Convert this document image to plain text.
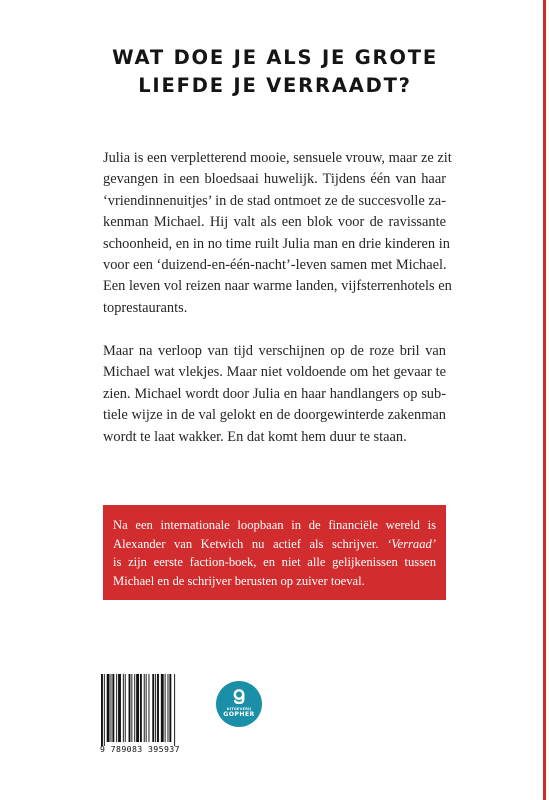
WAT DOE JE ALS JE GROTE
LIEFDE JE VERRAADT?
Julia is een verpletterend mooie, sensuele vrouw, maar ze zit
gevangen in een bloedsaai huwelijk. Tijdens één van haar
‘vriendinnenuitjes’ in de stad ontmoet ze de succesvolle za-
kenman Michael. Hij valt als een blok voor de ravissante
schoonheid, en in no time ruilt Julia man en drie kinderen in
voor een ‘duizend-en-één-nacht’-leven samen met Michael.
Een leven vol reizen naar warme landen, vijfsterrenhotels en
toprestaurants.
Maar na verloop van tijd verschijnen op de roze bril van
Michael wat vlekjes. Maar niet voldoende om het gevaar te
zien. Michael wordt door Julia en haar handlangers op sub-
tiele wijze in de val gelokt en de doorgewinterde zakenman
wordt te laat wakker. En dat komt hem duur te staan.
Na een internationale loopbaan in de financiële wereld is
Alexander van Ketwich nu actief als schrijver. ‘Verraad’
is zijn eerste faction-boek, en niet alle gelijkenissen tussen
Michael en de schrijver berusten op zuiver toeval.
9 789083 395937
UITGEVERIJ
GOPHER
